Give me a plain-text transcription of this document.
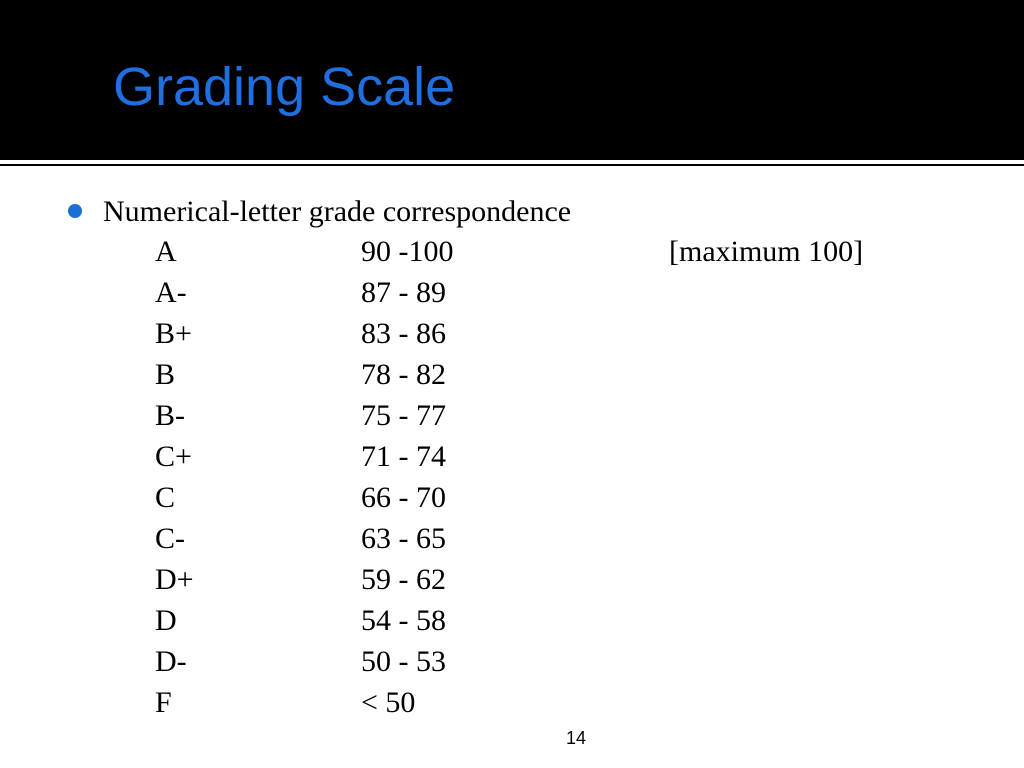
Grading Scale

Numerical-letter grade correspondence

A	90 -100	[maximum 100]
A-	87 - 89
B+	83 - 86
B	78 - 82
B-	75 - 77
C+	71 - 74
C	66 - 70
C-	63 - 65
D+	59 - 62
D	54 - 58
D-	50 - 53
F	< 50
14
